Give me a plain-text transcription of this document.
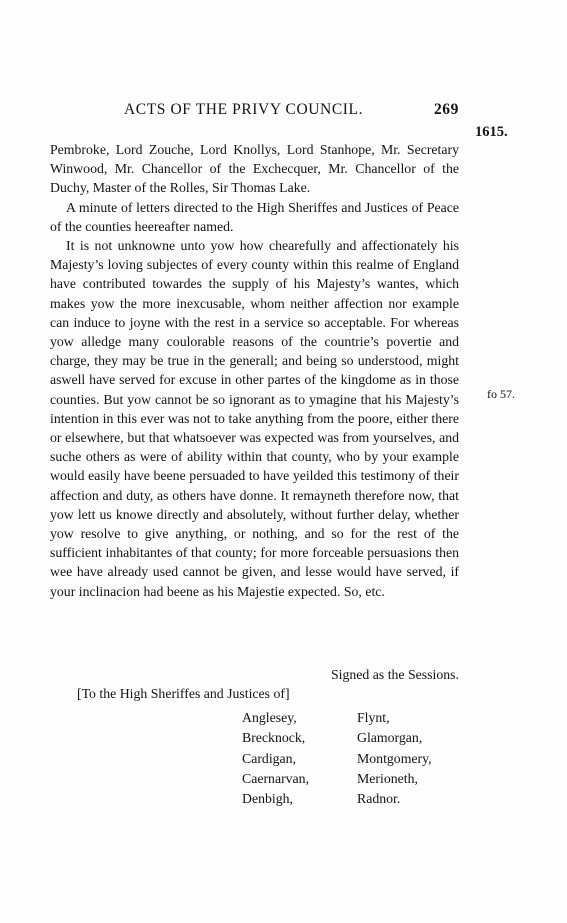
ACTS OF THE PRIVY COUNCIL.	269
1615.
fo 57.

Pembroke, Lord Zouche, Lord Knollys, Lord Stanhope, Mr. Secretary Winwood, Mr. Chancellor of the Exchecquer, Mr. Chancellor of the Duchy, Master of the Rolles, Sir Thomas Lake.

A minute of letters directed to the High Sheriffes and Justices of Peace of the counties heereafter named.

It is not unknowne unto yow how chearefully and affectionately his Majesty’s loving subjectes of every county within this realme of England have contributed towardes the supply of his Majesty’s wantes, which makes yow the more inexcusable, whom neither affection nor example can induce to joyne with the rest in a service so acceptable. For whereas yow alledge many coulorable reasons of the countrie’s povertie and charge, they may be true in the generall; and being so understood, might aswell have served for excuse in other partes of the kingdome as in those counties. But yow cannot be so ignorant as to ymagine that his Majesty’s intention in this ever was not to take anything from the poore, either there or elsewhere, but that whatsoever was expected was from yourselves, and suche others as were of ability within that county, who by your example would easily have beene persuaded to have yeilded this testimony of their affection and duty, as others have donne. It remayneth therefore now, that yow lett us knowe directly and absolutely, without further delay, whether yow resolve to give anything, or nothing, and so for the rest of the sufficient inhabitantes of that county; for more forceable persuasions then wee have already used cannot be given, and lesse would have served, if your inclinacion had beene as his Majestie expected. So, etc.

Signed as the Sessions.
[To the High Sheriffes and Justices of]
Anglesey,	Flynt,
Brecknock,	Glamorgan,
Cardigan,	Montgomery,
Caernarvan,	Merioneth,
Denbigh,	Radnor.
